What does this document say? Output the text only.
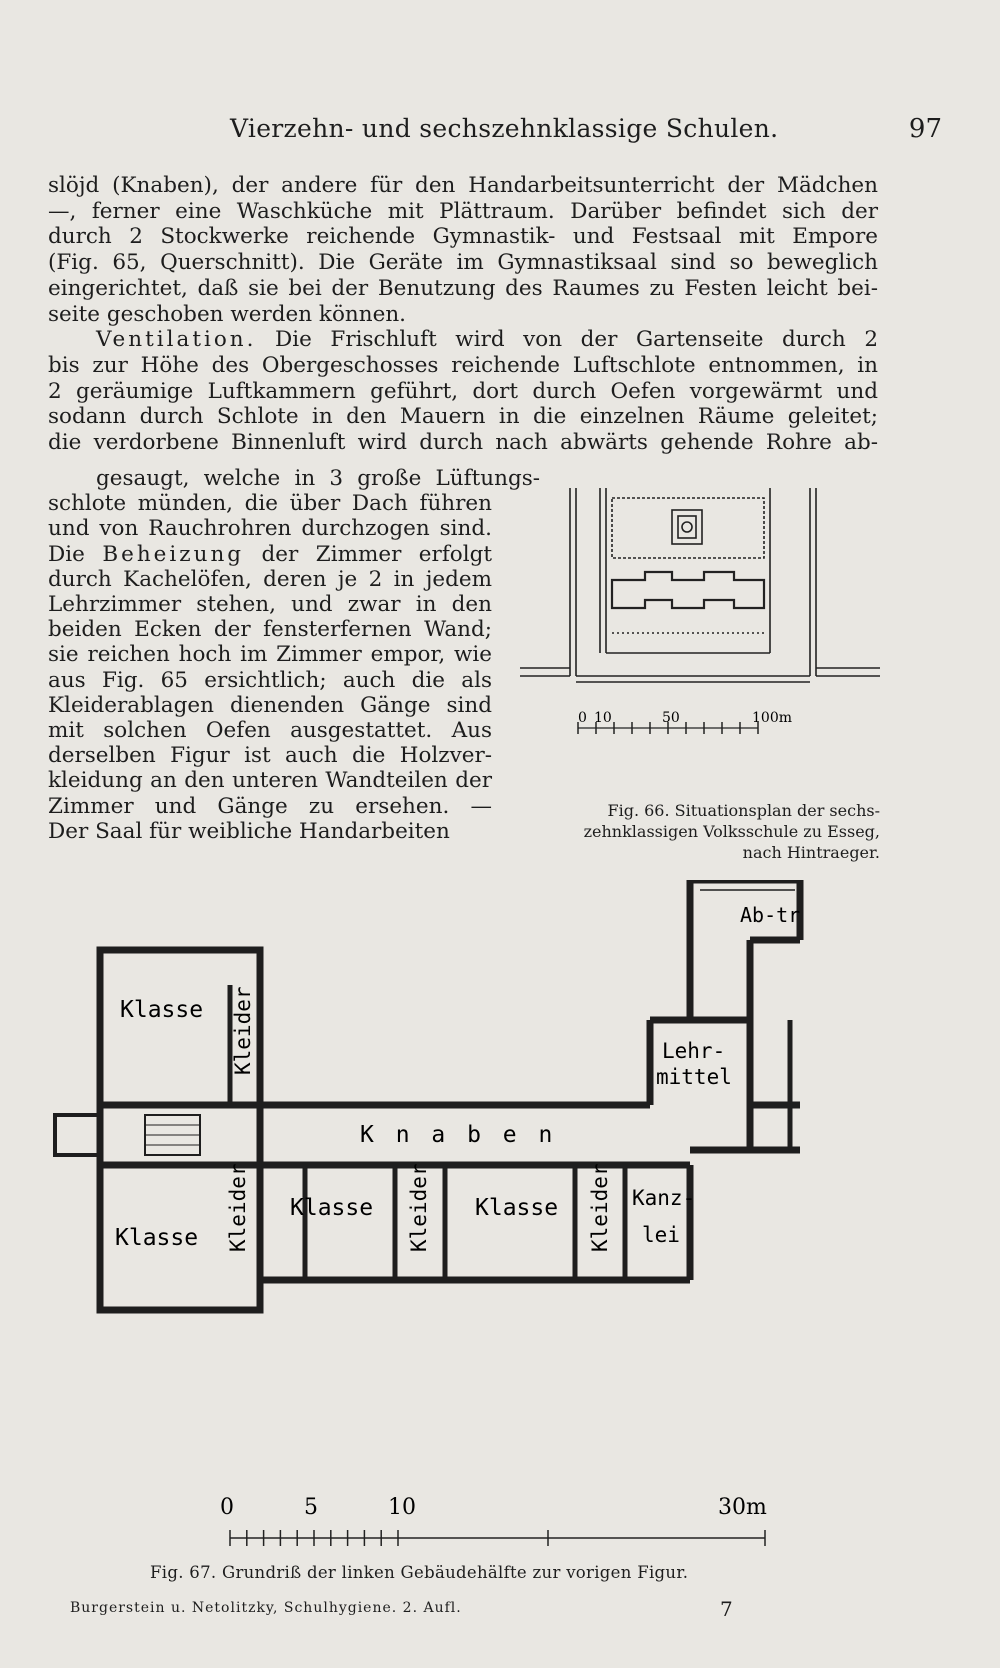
Vierzehn- und sechszehnklassige Schulen.	97
slöjd (Knaben), der andere für den Handarbeitsunterricht der Mädchen
—, ferner eine Waschküche mit Plättraum. Darüber befindet sich der
durch 2 Stockwerke reichende Gymnastik- und Festsaal mit Empore
(Fig. 65, Querschnitt). Die Geräte im Gymnastiksaal sind so beweglich
eingerichtet, daß sie bei der Benutzung des Raumes zu Festen leicht bei-
seite geschoben werden können.
Ventilation. Die Frischluft wird von der Gartenseite durch 2
bis zur Höhe des Obergeschosses reichende Luftschlote entnommen, in
2 geräumige Luftkammern geführt, dort durch Oefen vorgewärmt und
sodann durch Schlote in den Mauern in die einzelnen Räume geleitet;
die verdorbene Binnenluft wird durch nach abwärts gehende Rohre ab-
gesaugt, welche in 3 große Lüftungs-
schlote münden, die über Dach führen
und von Rauchrohren durchzogen sind.
Die Beheizung der Zimmer erfolgt
durch Kachelöfen, deren je 2 in jedem
Lehrzimmer stehen, und zwar in den
beiden Ecken der fensterfernen Wand;
sie reichen hoch im Zimmer empor, wie
aus Fig. 65 ersichtlich; auch die als
Kleiderablagen dienenden Gänge sind
mit solchen Oefen ausgestattet. Aus
derselben Figur ist auch die Holzver-
kleidung an den unteren Wandteilen der
Zimmer und Gänge zu ersehen. —
Der Saal für weibliche Handarbeiten
0 10	50	100m
Fig. 66. Situationsplan der sechs-
zehnklassigen Volksschule zu Esseg,
nach Hintraeger.
Klasse
Klasse
Klasse	Klasse
Kleider
Kleider	Kleider	Kleider
K n a b e n
Lehr-
mittel
Kanz-
lei
Ab-tr
0	5	10	30m
Fig. 67. Grundriß der linken Gebäudehälfte zur vorigen Figur.
Burgerstein u. Netolitzky, Schulhygiene. 2. Aufl.	7
